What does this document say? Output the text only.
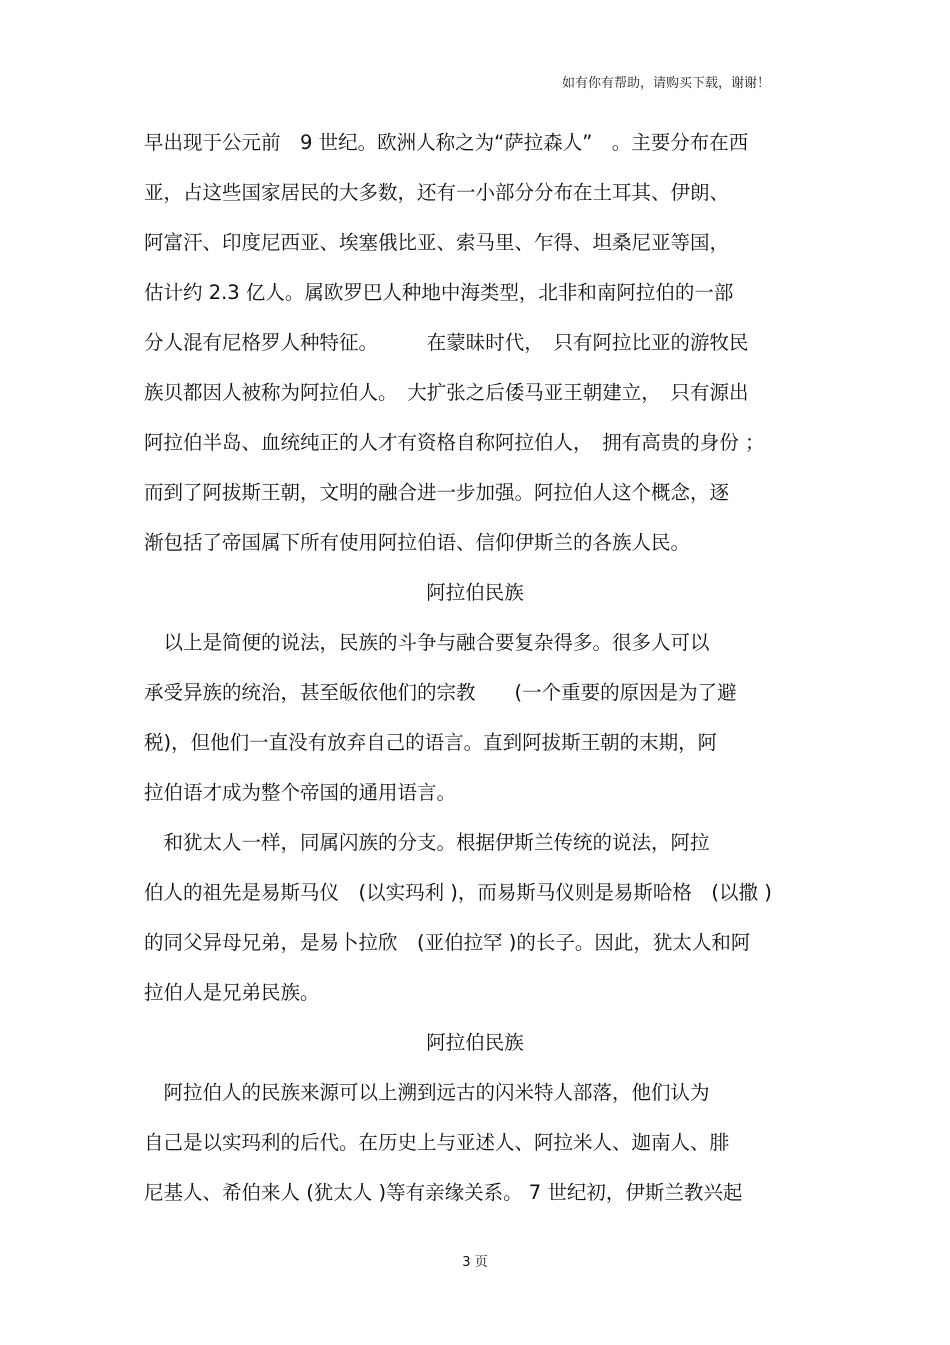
如有你有帮助，请购买下载，谢谢！
早出现于公元前　9 世纪。欧洲人称之为“萨拉森人”　。主要分布在西
亚，占这些国家居民的大多数，还有一小部分分布在土耳其、伊朗、
阿富汗、印度尼西亚、埃塞俄比亚、索马里、乍得、坦桑尼亚等国，
估计约 2.3 亿人。属欧罗巴人种地中海类型，北非和南阿拉伯的一部
分人混有尼格罗人种特征。　　　在蒙昧时代，　只有阿拉比亚的游牧民
族贝都因人被称为阿拉伯人。　大扩张之后倭马亚王朝建立，　只有源出
阿拉伯半岛、血统纯正的人才有资格自称阿拉伯人，　拥有高贵的身份 ；
而到了阿拔斯王朝，文明的融合进一步加强。阿拉伯人这个概念，逐
渐包括了帝国属下所有使用阿拉伯语、信仰伊斯兰的各族人民。
阿拉伯民族
　以上是简便的说法，民族的斗争与融合要复杂得多。很多人可以
承受异族的统治，甚至皈依他们的宗教　　(一个重要的原因是为了避
税)，但他们一直没有放弃自己的语言。直到阿拔斯王朝的末期，阿
拉伯语才成为整个帝国的通用语言。
　和犹太人一样，同属闪族的分支。根据伊斯兰传统的说法，阿拉
伯人的祖先是易斯马仪　(以实玛利 )，而易斯马仪则是易斯哈格　(以撒 )
的同父异母兄弟，是易卜拉欣　(亚伯拉罕 )的长子。因此，犹太人和阿
拉伯人是兄弟民族。
阿拉伯民族
　阿拉伯人的民族来源可以上溯到远古的闪米特人部落，他们认为
自己是以实玛利的后代。在历史上与亚述人、阿拉米人、迦南人、腓
尼基人、希伯来人 (犹太人 )等有亲缘关系。 7 世纪初，伊斯兰教兴起
3 页
